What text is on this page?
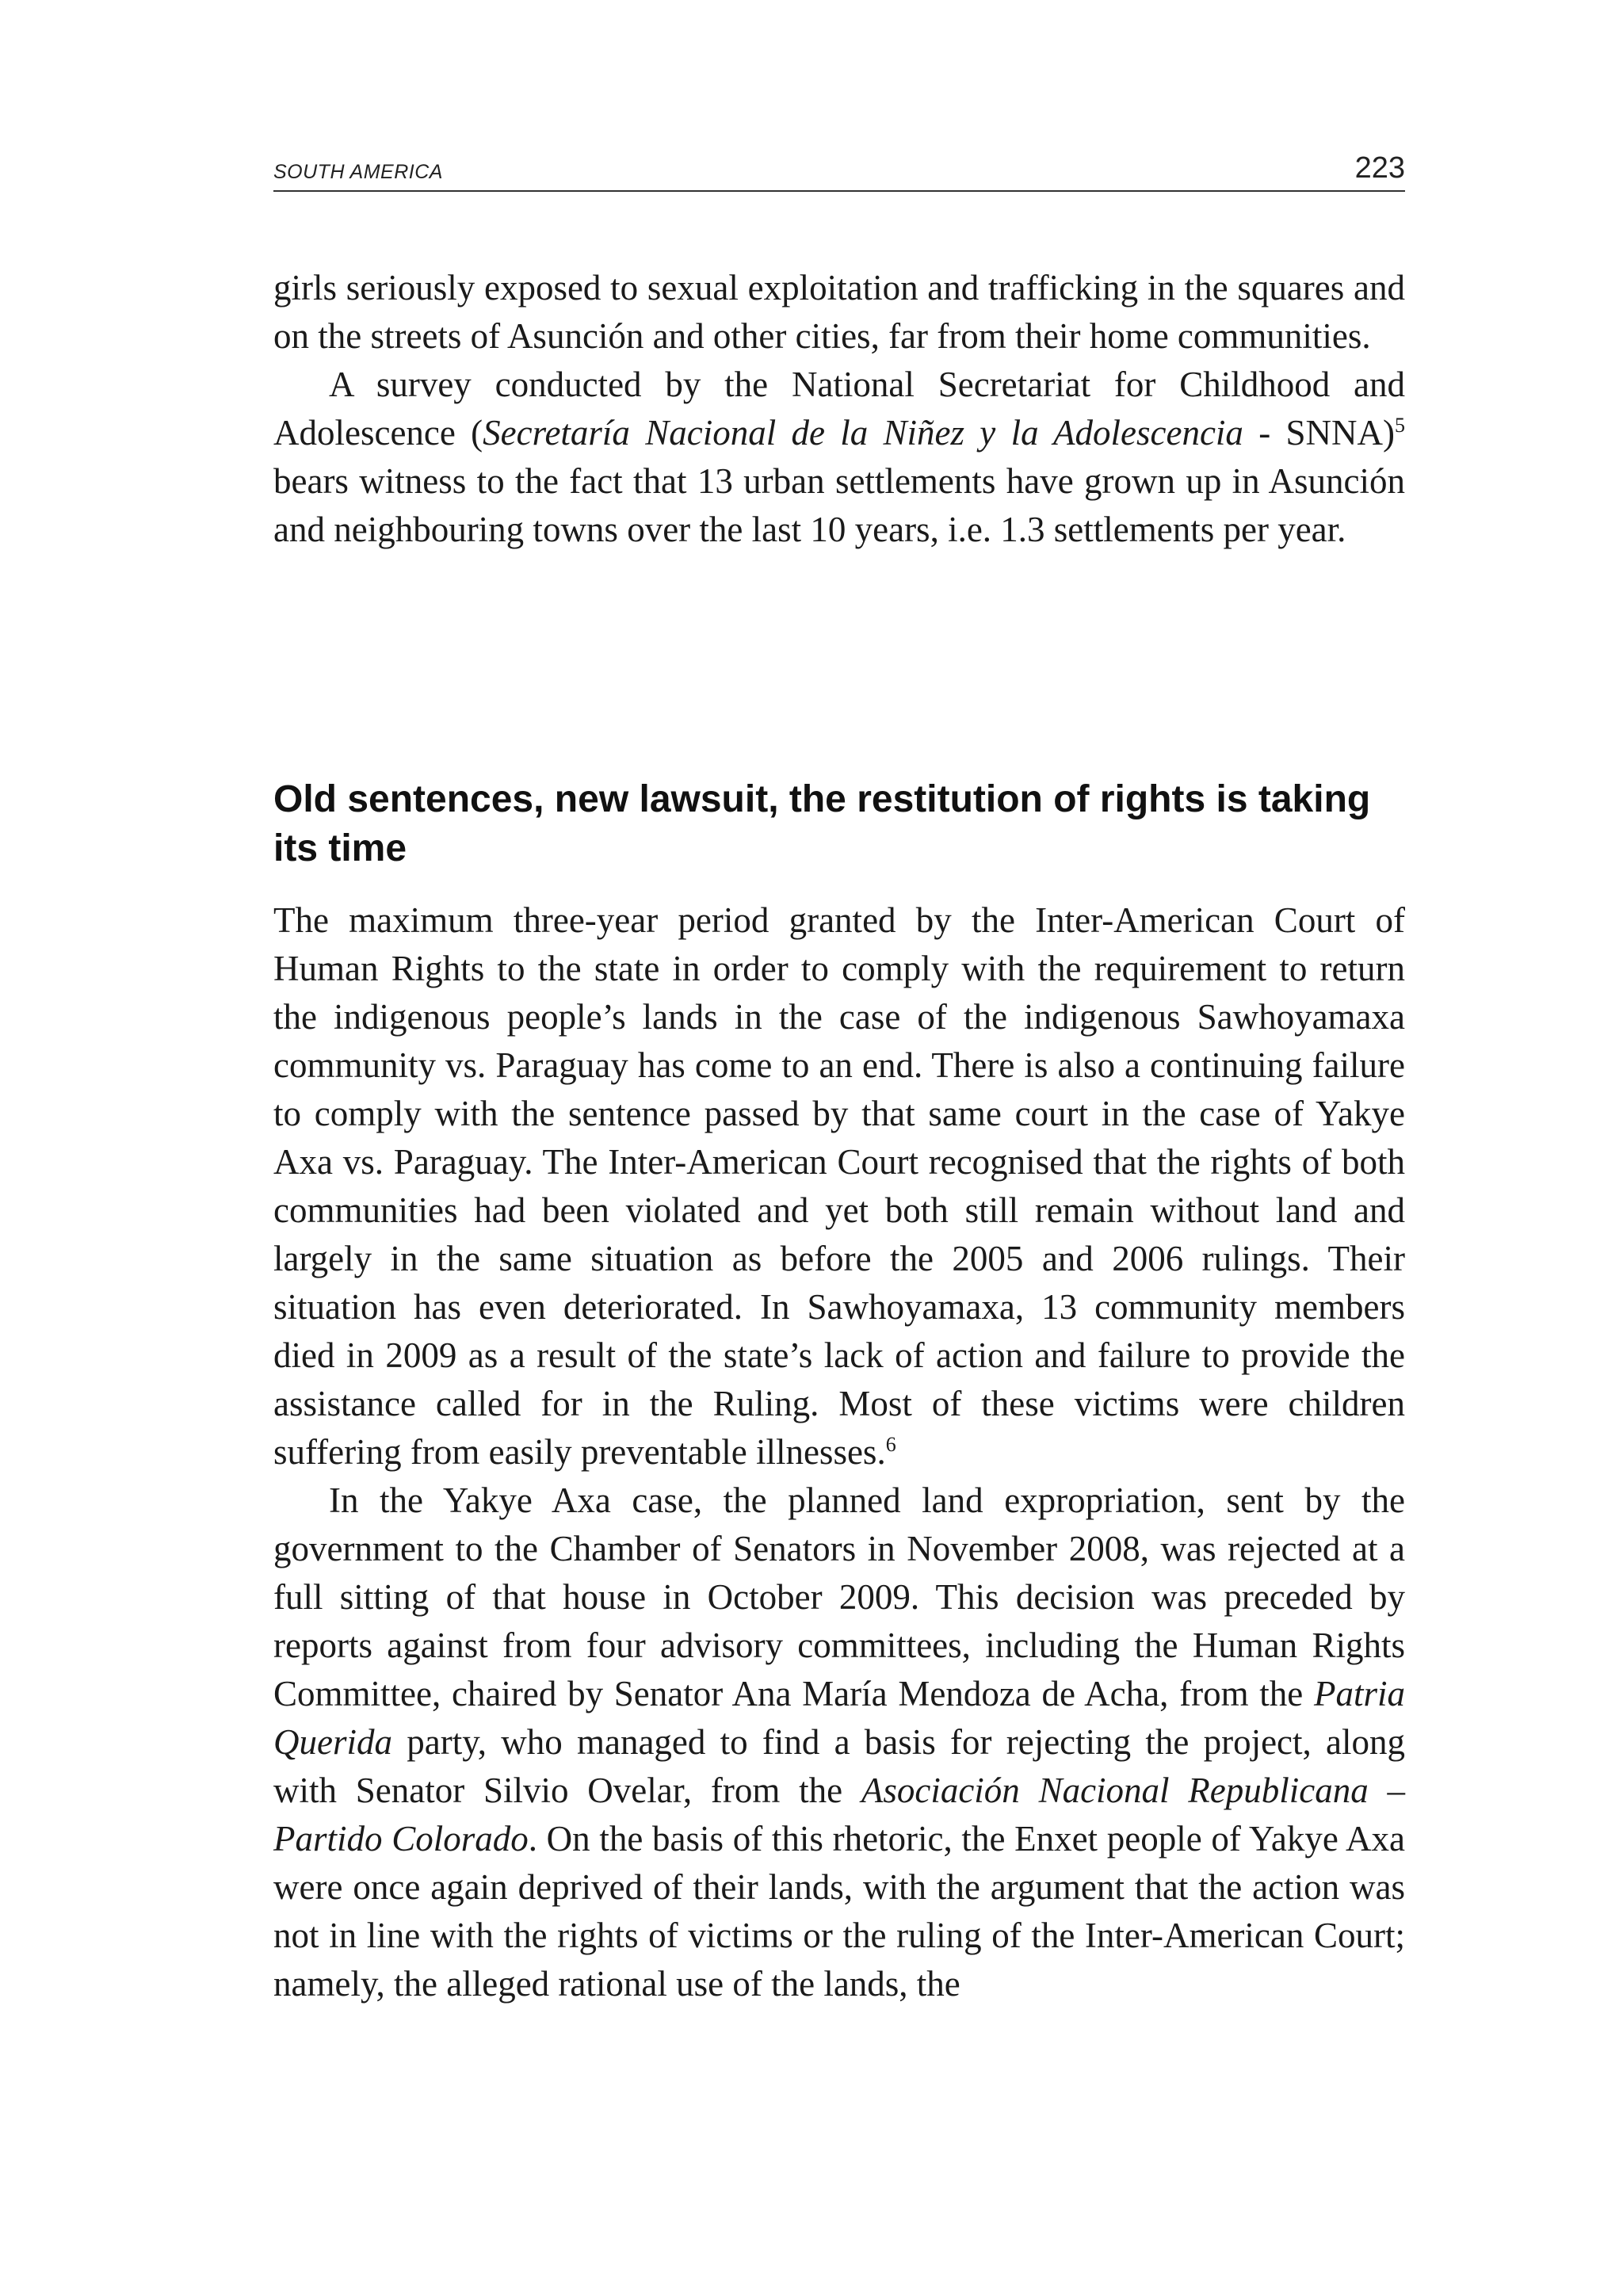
SOUTH AMERICA	223

girls seriously exposed to sexual exploitation and trafficking in the squares and on the streets of Asunción and other cities, far from their home communities.

A survey conducted by the National Secretariat for Childhood and Adolescence (Secretaría Nacional de la Niñez y la Adolescencia - SNNA)$^5$ bears witness to the fact that 13 urban settlements have grown up in Asunción and neighbouring towns over the last 10 years, i.e. 1.3 settlements per year.

Old sentences, new lawsuit, the restitution of rights is taking its time

The maximum three-year period granted by the Inter-American Court of Human Rights to the state in order to comply with the requirement to return the indigenous people’s lands in the case of the indigenous Sawhoyamaxa community vs. Paraguay has come to an end. There is also a continuing failure to comply with the sentence passed by that same court in the case of Yakye Axa vs. Paraguay. The Inter-American Court recognised that the rights of both communities had been violated and yet both still remain without land and largely in the same situation as before the 2005 and 2006 rulings. Their situation has even deteriorated. In Sawhoyamaxa, 13 community members died in 2009 as a result of the state’s lack of action and failure to provide the assistance called for in the Ruling. Most of these victims were children suffering from easily preventable illnesses.$^6$

In the Yakye Axa case, the planned land expropriation, sent by the government to the Chamber of Senators in November 2008, was rejected at a full sitting of that house in October 2009. This decision was preceded by reports against from four advisory committees, including the Human Rights Committee, chaired by Senator Ana María Mendoza de Acha, from the Patria Querida party, who managed to find a basis for rejecting the project, along with Senator Silvio Ovelar, from the Asociación Nacional Republicana – Partido Colorado. On the basis of this rhetoric, the Enxet people of Yakye Axa were once again deprived of their lands, with the argument that the action was not in line with the rights of victims or the ruling of the Inter-American Court; namely, the alleged rational use of the lands, the
